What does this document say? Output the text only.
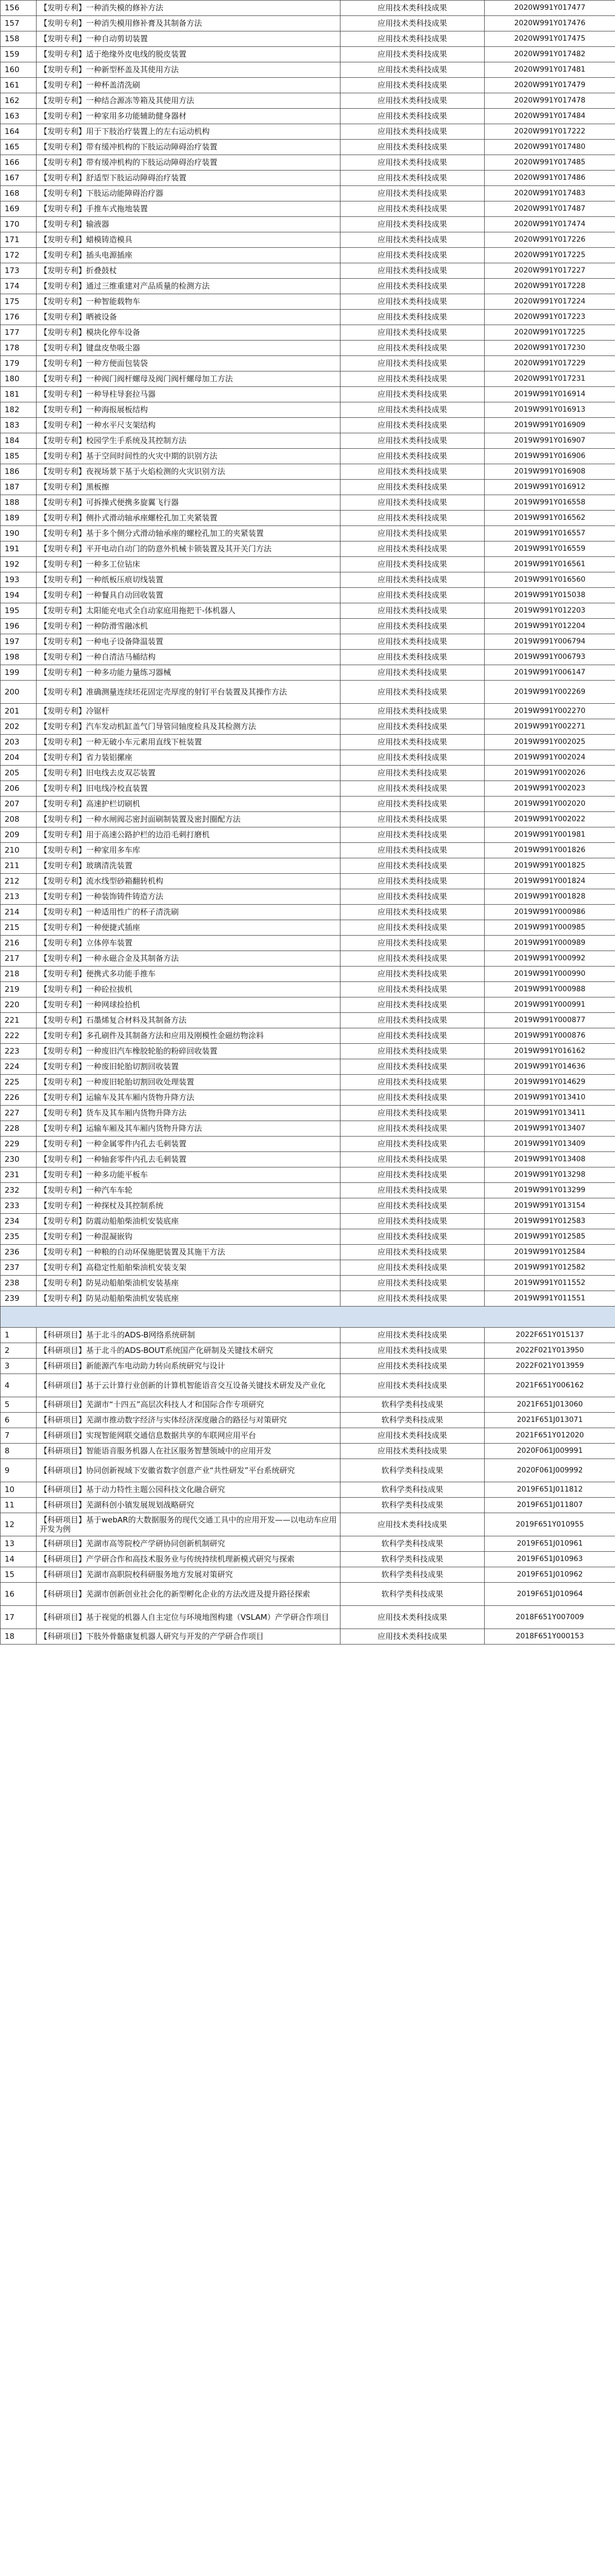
156	【发明专利】一种消失模的修补方法	应用技术类科技成果	2020W991Y017477
157	【发明专利】一种消失模用修补膏及其制备方法	应用技术类科技成果	2020W991Y017476
158	【发明专利】一种自动剪切装置	应用技术类科技成果	2020W991Y017475
159	【发明专利】适于绝缘外皮电线的脱皮装置	应用技术类科技成果	2020W991Y017482
160	【发明专利】一种新型杯盖及其使用方法	应用技术类科技成果	2020W991Y017481
161	【发明专利】一种杯盖清洗刷	应用技术类科技成果	2020W991Y017479
162	【发明专利】一种结合源冻等箱及其使用方法	应用技术类科技成果	2020W991Y017478
163	【发明专利】一种家用多功能辅助健身器材	应用技术类科技成果	2020W991Y017484
164	【发明专利】用于下肢治疗装置上的左右运动机构	应用技术类科技成果	2020W991Y017222
165	【发明专利】带有缓冲机构的下肢运动障碍治疗装置	应用技术类科技成果	2020W991Y017480
166	【发明专利】带有缓冲机构的下肢运动障碍治疗装置	应用技术类科技成果	2020W991Y017485
167	【发明专利】舒适型下肢运动障碍治疗装置	应用技术类科技成果	2020W991Y017486
168	【发明专利】下肢运动能障碍治疗器	应用技术类科技成果	2020W991Y017483
169	【发明专利】手推车式拖地装置	应用技术类科技成果	2020W991Y017487
170	【发明专利】输液器	应用技术类科技成果	2020W991Y017474
171	【发明专利】蜡模铸造模具	应用技术类科技成果	2020W991Y017226
172	【发明专利】插头电源插座	应用技术类科技成果	2020W991Y017225
173	【发明专利】折叠鼓杖	应用技术类科技成果	2020W991Y017227
174	【发明专利】通过三维重建对产品质量的检测方法	应用技术类科技成果	2020W991Y017228
175	【发明专利】一种智能载物车	应用技术类科技成果	2020W991Y017224
176	【发明专利】晒被设备	应用技术类科技成果	2020W991Y017223
177	【发明专利】模块化停车设备	应用技术类科技成果	2020W991Y017225
178	【发明专利】键盘皮垫吸尘器	应用技术类科技成果	2020W991Y017230
179	【发明专利】一种方便面包装袋	应用技术类科技成果	2020W991Y017229
180	【发明专利】一种阀门阀杆螺母及阀门阀杆螺母加工方法	应用技术类科技成果	2020W991Y017231
181	【发明专利】一种导柱导套拉马器	应用技术类科技成果	2019W991Y016914
182	【发明专利】一种海报展板结构	应用技术类科技成果	2019W991Y016913
183	【发明专利】一种水平尺支架结构	应用技术类科技成果	2019W991Y016909
184	【发明专利】校园学生手系统及其控制方法	应用技术类科技成果	2019W991Y016907
185	【发明专利】基于空间时间性的火灾中期的识别方法	应用技术类科技成果	2019W991Y016906
186	【发明专利】夜视场景下基于火焰检测的火灾识别方法	应用技术类科技成果	2019W991Y016908
187	【发明专利】黑板擦	应用技术类科技成果	2019W991Y016912
188	【发明专利】可拆操式便携多旋翼飞行器	应用技术类科技成果	2019W991Y016558
189	【发明专利】侧扑式滑动轴承座螺栓孔加工夹紧装置	应用技术类科技成果	2019W991Y016562
190	【发明专利】基于多个侧分式滑动轴承座的螺栓孔加工的夹紧装置	应用技术类科技成果	2019W991Y016557
191	【发明专利】平开电动自动门的防意外机械卡锁装置及其开关门方法	应用技术类科技成果	2019W991Y016559
192	【发明专利】一种多工位钻床	应用技术类科技成果	2019W991Y016561
193	【发明专利】一种纸板压痕切线装置	应用技术类科技成果	2019W991Y016560
194	【发明专利】一种餐具自动回收装置	应用技术类科技成果	2019W991Y015038
195	【发明专利】太阳能充电式全自动家庭用拖把干-体机器人	应用技术类科技成果	2019W991Y012203
196	【发明专利】一种防滑雪融冰机	应用技术类科技成果	2019W991Y012204
197	【发明专利】一种电子设备降温装置	应用技术类科技成果	2019W991Y006794
198	【发明专利】一种自清洁马桶结构	应用技术类科技成果	2019W991Y006793
199	【发明专利】一种多功能力量练习器械	应用技术类科技成果	2019W991Y006147
200	【发明专利】准确测量连续坯花固定壳厚度的射钉平台装置及其操作方法	应用技术类科技成果	2019W991Y002269
201	【发明专利】冷锯杆	应用技术类科技成果	2019W991Y002270
202	【发明专利】汽车发动机缸盖气门导管同轴度检具及其检测方法	应用技术类科技成果	2019W991Y002271
203	【发明专利】一种无破小车元素用直线下桩装置	应用技术类科技成果	2019W991Y002025
204	【发明专利】省力装铝摞座	应用技术类科技成果	2019W991Y002024
205	【发明专利】旧电线去皮双芯装置	应用技术类科技成果	2019W991Y002026
206	【发明专利】旧电线冷校直装置	应用技术类科技成果	2019W991Y002023
207	【发明专利】高速护栏切刷机	应用技术类科技成果	2019W991Y002020
208	【发明专利】一种水闸阀芯密封面刷制装置及密封圈配方法	应用技术类科技成果	2019W991Y002022
209	【发明专利】用于高速公路护栏的边沿毛刺打磨机	应用技术类科技成果	2019W991Y001981
210	【发明专利】一种家用多车库	应用技术类科技成果	2019W991Y001826
211	【发明专利】玻璃清洗装置	应用技术类科技成果	2019W991Y001825
212	【发明专利】流水线型砂箱翻转机构	应用技术类科技成果	2019W991Y001824
213	【发明专利】一种装饰铸件铸造方法	应用技术类科技成果	2019W991Y001828
214	【发明专利】一种适用性广的杯子清洗刷	应用技术类科技成果	2019W991Y000986
215	【发明专利】一种便捷式插座	应用技术类科技成果	2019W991Y000985
216	【发明专利】立体停车装置	应用技术类科技成果	2019W991Y000989
217	【发明专利】一种永磁合金及其制备方法	应用技术类科技成果	2019W991Y000992
218	【发明专利】便携式多功能手推车	应用技术类科技成果	2019W991Y000990
219	【发明专利】一种砼拉拔机	应用技术类科技成果	2019W991Y000988
220	【发明专利】一种网球捡拾机	应用技术类科技成果	2019W991Y000991
221	【发明专利】石墨烯复合材料及其制备方法	应用技术类科技成果	2019W991Y000877
222	【发明专利】多孔刷件及其制备方法和应用及刚模性金磁纺物涂料	应用技术类科技成果	2019W991Y000876
223	【发明专利】一种废旧汽车橡胶轮胎的粉碎回收装置	应用技术类科技成果	2019W991Y016162
224	【发明专利】一种废旧轮胎切割回收装置	应用技术类科技成果	2019W991Y014636
225	【发明专利】一种废旧轮胎切割回收处理装置	应用技术类科技成果	2019W991Y014629
226	【发明专利】运输车及其车厢内货物升降方法	应用技术类科技成果	2019W991Y013410
227	【发明专利】货车及其车厢内货物升降方法	应用技术类科技成果	2019W991Y013411
228	【发明专利】运输车厢及其车厢内货物升降方法	应用技术类科技成果	2019W991Y013407
229	【发明专利】一种金属零件内孔去毛刺装置	应用技术类科技成果	2019W991Y013409
230	【发明专利】一种轴套零件内孔去毛刺装置	应用技术类科技成果	2019W991Y013408
231	【发明专利】一种多功能平板车	应用技术类科技成果	2019W991Y013298
232	【发明专利】一种汽车车轮	应用技术类科技成果	2019W991Y013299
233	【发明专利】一种探杖及其控制系统	应用技术类科技成果	2019W991Y013154
234	【发明专利】防震动船舶柴油机安装底座	应用技术类科技成果	2019W991Y012583
235	【发明专利】一种混凝嵌钩	应用技术类科技成果	2019W991Y012585
236	【发明专利】一种粮的自动环保施肥装置及其施干方法	应用技术类科技成果	2019W991Y012584
237	【发明专利】高稳定性船舶柴油机安装支架	应用技术类科技成果	2019W991Y012582
238	【发明专利】防晃动船舶柴油机安装基座	应用技术类科技成果	2019W991Y011552
239	【发明专利】防晃动船舶柴油机安装底座	应用技术类科技成果	2019W991Y011551

1	【科研项目】基于北斗的ADS-B网络系统研制	应用技术类科技成果	2022F651Y015137
2	【科研项目】基于北斗的ADS-BOUT系统国产化研制及关键技术研究	应用技术类科技成果	2022F021Y013950
3	【科研项目】新能源汽车电动助力转向系统研究与设计	应用技术类科技成果	2022F021Y013959
4	【科研项目】基于云计算行业创新的计算机智能语音交互设备关键技术研发及产业化	应用技术类科技成果	2021F651Y006162
5	【科研项目】芜湖市“十四五”高层次科技人才和国际合作专项研究	软科学类科技成果	2021F651J013060
6	【科研项目】芜湖市推动数字经济与实体经济深度融合的路径与对策研究	软科学类科技成果	2021F651J013071
7	【科研项目】实现智能网联交通信息数据共享的车联网应用平台	应用技术类科技成果	2021F651Y012020
8	【科研项目】智能语音服务机器人在社区服务智慧领域中的应用开发	应用技术类科技成果	2020F061J009991
9	【科研项目】协同创新视域下安徽省数字创意产业“共性研发”平台系统研究	软科学类科技成果	2020F061J009992
10	【科研项目】基于动力特性主题公园科技文化融合研究	软科学类科技成果	2019F651J011812
11	【科研项目】芜湖科创小镇发展规划战略研究	软科学类科技成果	2019F651J011807
12	【科研项目】基于webAR的大数据服务的现代交通工具中的应用开发——以电动车应用开发为例	应用技术类科技成果	2019F651Y010955
13	【科研项目】芜湖市高等院校产学研协同创新机制研究	软科学类科技成果	2019F651J010961
14	【科研项目】产学研合作和高技术服务业与传统持续机理新模式研究与探索	软科学类科技成果	2019F651J010963
15	【科研项目】芜湖市高职院校科研服务地方发展对策研究	软科学类科技成果	2019F651J010962
16	【科研项目】芜湖市创新创业社会化的新型孵化企业的方法改进及提升路径探索	软科学类科技成果	2019F651J010964
17	【科研项目】基于视觉的机器人自主定位与环境地图构建（VSLAM）产学研合作项目	应用技术类科技成果	2018F651Y007009
18	【科研项目】下肢外骨骼康复机器人研究与开发的产学研合作项目	应用技术类科技成果	2018F651Y000153
